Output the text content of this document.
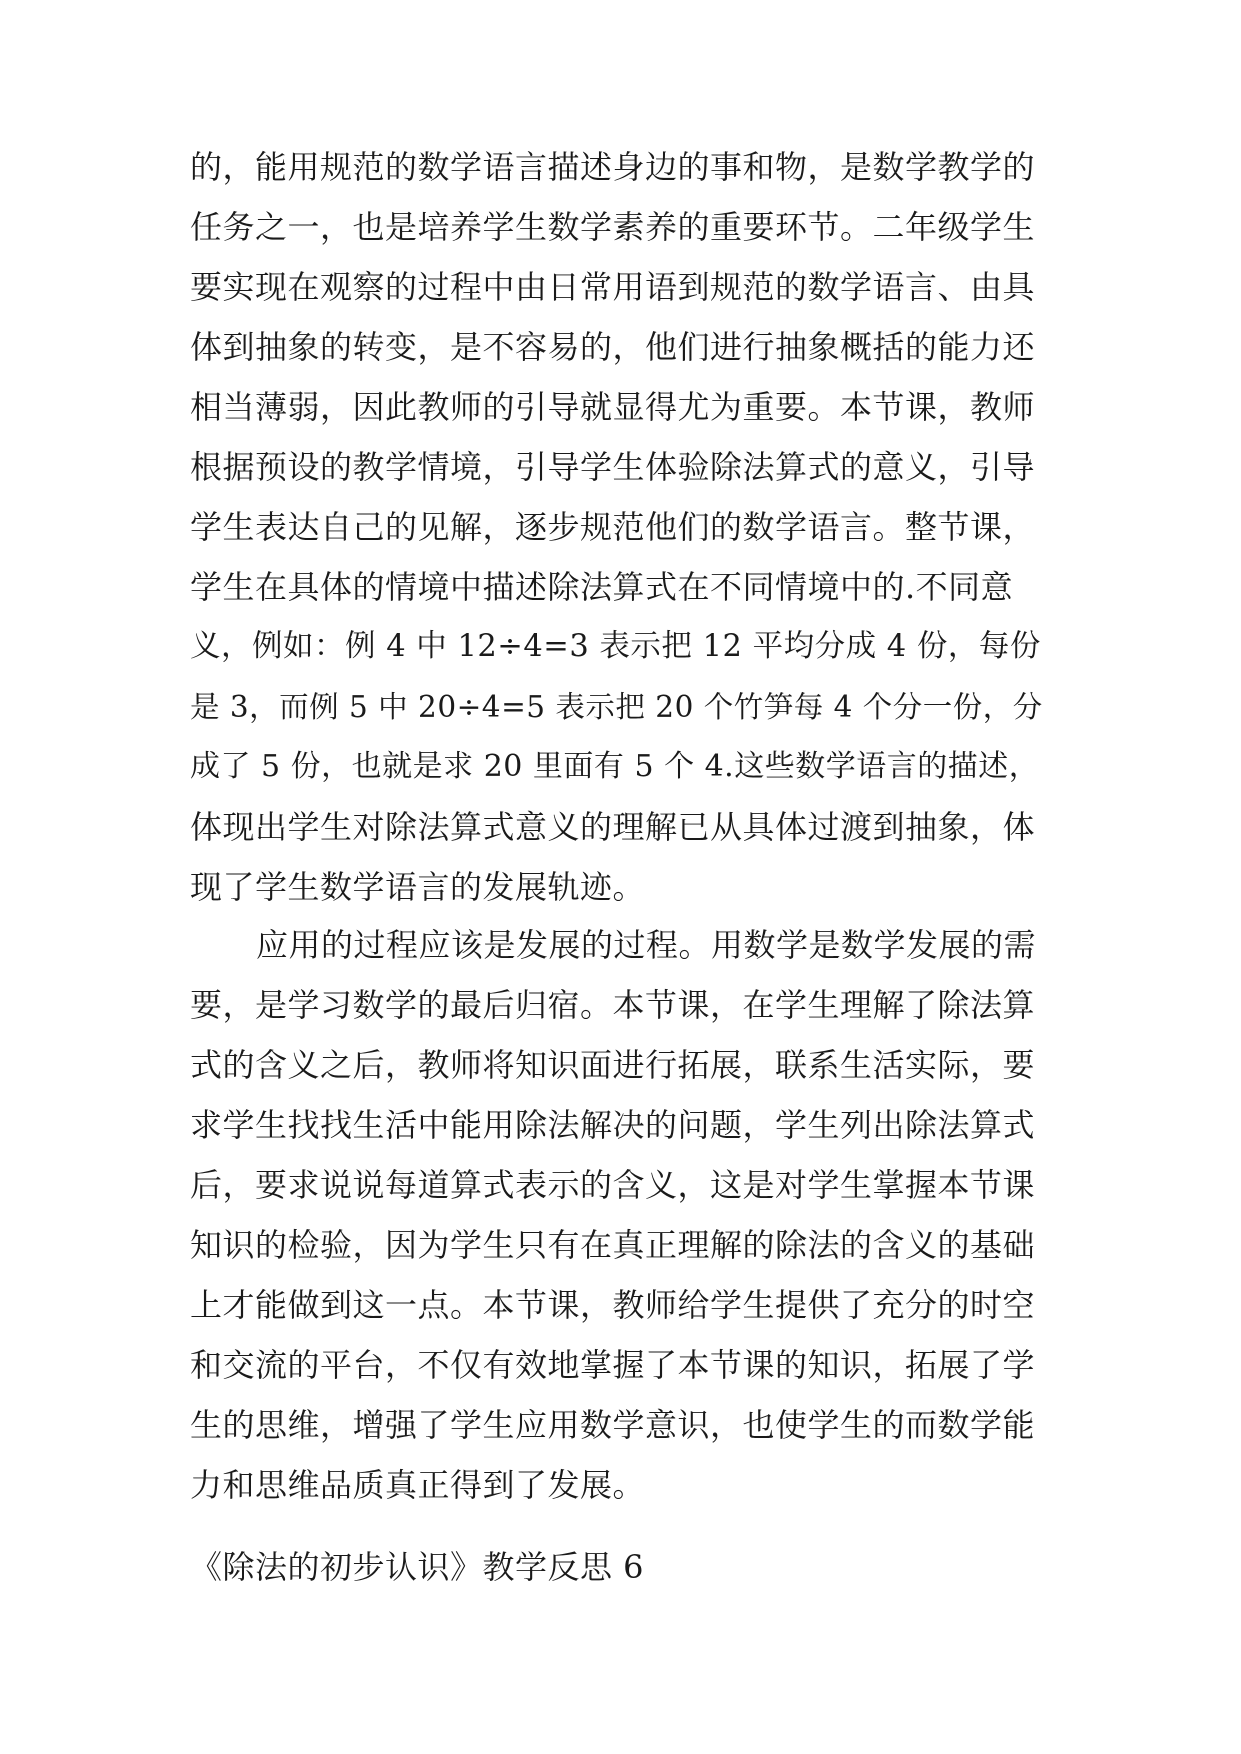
的，能用规范的数学语言描述身边的事和物，是数学教学的
任务之一，也是培养学生数学素养的重要环节。二年级学生
要实现在观察的过程中由日常用语到规范的数学语言、由具
体到抽象的转变，是不容易的，他们进行抽象概括的能力还
相当薄弱，因此教师的引导就显得尤为重要。本节课，教师
根据预设的教学情境，引导学生体验除法算式的意义，引导
学生表达自己的见解，逐步规范他们的数学语言。整节课，
学生在具体的情境中描述除法算式在不同情境中的.不同意
义，例如：例 4 中 12÷4=3 表示把 12 平均分成 4 份，每份
是 3，而例 5 中 20÷4=5 表示把 20 个竹笋每 4 个分一份，分
成了 5 份，也就是求 20 里面有 5 个 4.这些数学语言的描述，
体现出学生对除法算式意义的理解已从具体过渡到抽象，体
现了学生数学语言的发展轨迹。
应用的过程应该是发展的过程。用数学是数学发展的需
要，是学习数学的最后归宿。本节课，在学生理解了除法算
式的含义之后，教师将知识面进行拓展，联系生活实际，要
求学生找找生活中能用除法解决的问题，学生列出除法算式
后，要求说说每道算式表示的含义，这是对学生掌握本节课
知识的检验，因为学生只有在真正理解的除法的含义的基础
上才能做到这一点。本节课，教师给学生提供了充分的时空
和交流的平台，不仅有效地掌握了本节课的知识，拓展了学
生的思维，增强了学生应用数学意识，也使学生的而数学能
力和思维品质真正得到了发展。
《除法的初步认识》教学反思 6
